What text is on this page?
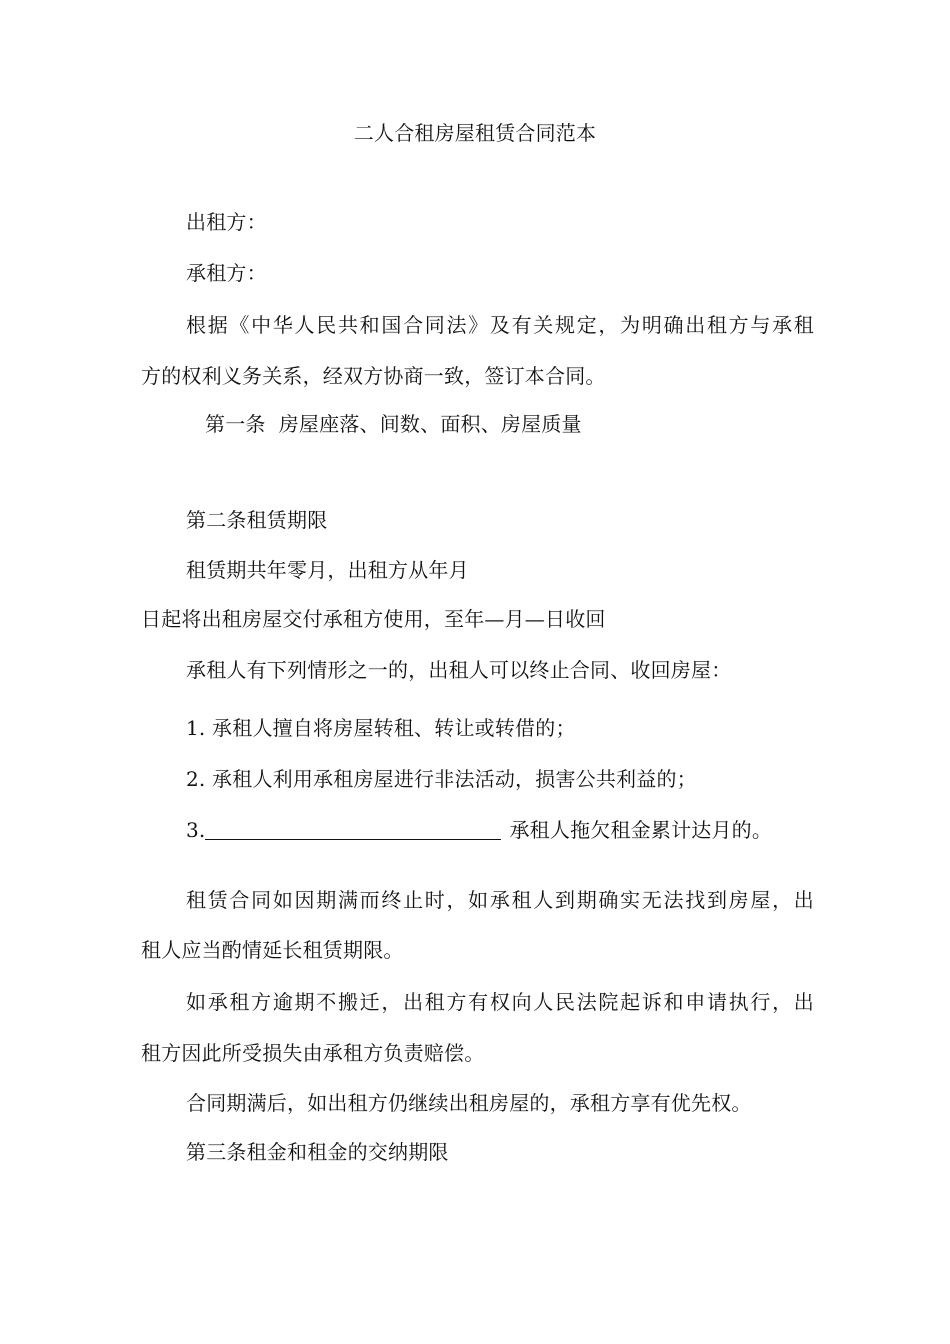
二人合租房屋租赁合同范本
出租方：
承租方：
根据《中华人民共和国合同法》及有关规定，为明确出租方与承租
方的权利义务关系，经双方协商一致，签订本合同。
第一条  房屋座落、间数、面积、房屋质量
第二条租赁期限
租赁期共年零月，出租方从年月
日起将出租房屋交付承租方使用，至年—月—日收回
承租人有下列情形之一的，出租人可以终止合同、收回房屋：
1. 承租人擅自将房屋转租、转让或转借的；
2. 承租人利用承租房屋进行非法活动，损害公共利益的；
3.	承租人拖欠租金累计达月的。
租赁合同如因期满而终止时，如承租人到期确实无法找到房屋，出
租人应当酌情延长租赁期限。
如承租方逾期不搬迁，出租方有权向人民法院起诉和申请执行，出
租方因此所受损失由承租方负责赔偿。
合同期满后，如出租方仍继续出租房屋的，承租方享有优先权。
第三条租金和租金的交纳期限
